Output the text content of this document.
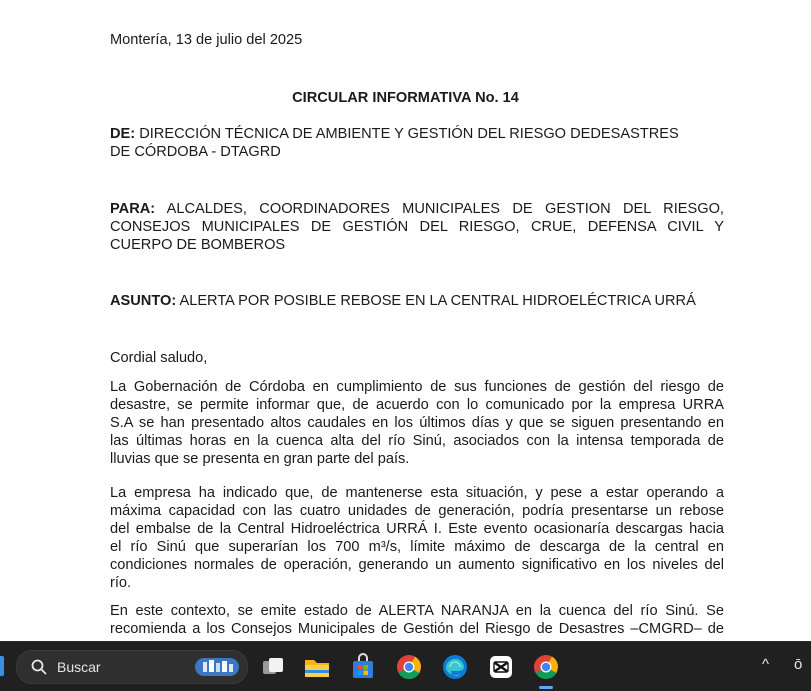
Montería, 13 de julio del 2025
CIRCULAR INFORMATIVA No. 14
DE: DIRECCIÓN TÉCNICA DE AMBIENTE Y GESTIÓN DEL RIESGO DEDESASTRES
DE CÓRDOBA - DTAGRD
PARA: ALCALDES, COORDINADORES MUNICIPALES DE GESTION DEL RIESGO,
CONSEJOS MUNICIPALES DE GESTIÓN DEL RIESGO, CRUE, DEFENSA CIVIL Y
CUERPO DE BOMBEROS
ASUNTO: ALERTA POR POSIBLE REBOSE EN LA CENTRAL HIDROELÉCTRICA URRÁ
Cordial saludo,
La Gobernación de Córdoba en cumplimiento de sus funciones de gestión del riesgo de
desastre, se permite informar que, de acuerdo con lo comunicado por la empresa URRA
S.A se han presentado altos caudales en los últimos días y que se siguen presentando en
las últimas horas en la cuenca alta del río Sinú, asociados con la intensa temporada de
lluvias que se presenta en gran parte del país.
La empresa ha indicado que, de mantenerse esta situación, y pese a estar operando a
máxima capacidad con las cuatro unidades de generación, podría presentarse un rebose
del embalse de la Central Hidroeléctrica URRÁ I. Este evento ocasionaría descargas hacia
el río Sinú que superarían los 700 m³/s, límite máximo de descarga de la central en
condiciones normales de operación, generando un aumento significativo en los niveles del
río.
En este contexto, se emite estado de ALERTA NARANJA en la cuenca del río Sinú. Se
recomienda a los Consejos Municipales de Gestión del Riesgo de Desastres –CMGRD– de
Buscar	^ ō
